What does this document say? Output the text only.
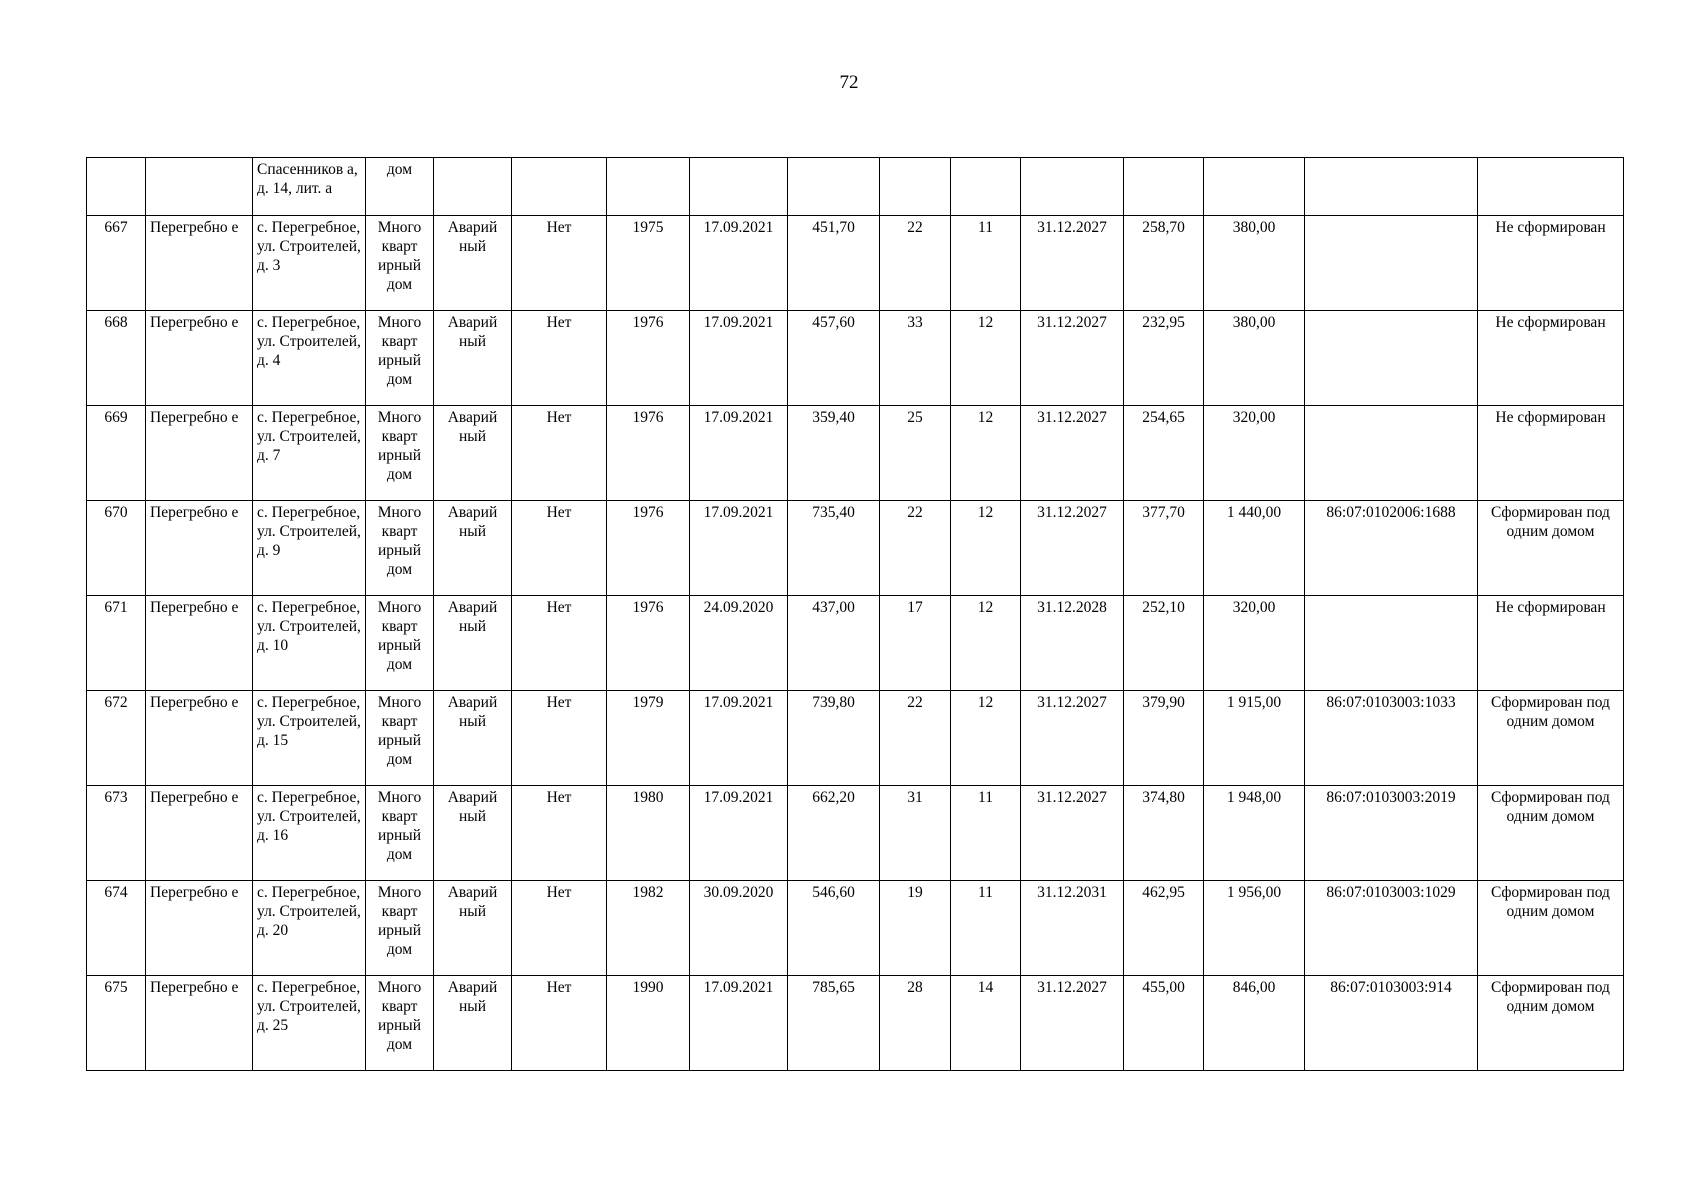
72
		Спасенников а, д. 14, лит. а	дом												
667	Перегребно е	с. Перегребное, ул. Строителей, д. 3	Много кварт ирный дом	Аварий ный	Нет	1975	17.09.2021	451,70	22	11	31.12.2027	258,70	380,00		Не сформирован
668	Перегребно е	с. Перегребное, ул. Строителей, д. 4	Много кварт ирный дом	Аварий ный	Нет	1976	17.09.2021	457,60	33	12	31.12.2027	232,95	380,00		Не сформирован
669	Перегребно е	с. Перегребное, ул. Строителей, д. 7	Много кварт ирный дом	Аварий ный	Нет	1976	17.09.2021	359,40	25	12	31.12.2027	254,65	320,00		Не сформирован
670	Перегребно е	с. Перегребное, ул. Строителей, д. 9	Много кварт ирный дом	Аварий ный	Нет	1976	17.09.2021	735,40	22	12	31.12.2027	377,70	1 440,00	86:07:0102006:1688	Сформирован под одним домом
671	Перегребно е	с. Перегребное, ул. Строителей, д. 10	Много кварт ирный дом	Аварий ный	Нет	1976	24.09.2020	437,00	17	12	31.12.2028	252,10	320,00		Не сформирован
672	Перегребно е	с. Перегребное, ул. Строителей, д. 15	Много кварт ирный дом	Аварий ный	Нет	1979	17.09.2021	739,80	22	12	31.12.2027	379,90	1 915,00	86:07:0103003:1033	Сформирован под одним домом
673	Перегребно е	с. Перегребное, ул. Строителей, д. 16	Много кварт ирный дом	Аварий ный	Нет	1980	17.09.2021	662,20	31	11	31.12.2027	374,80	1 948,00	86:07:0103003:2019	Сформирован под одним домом
674	Перегребно е	с. Перегребное, ул. Строителей, д. 20	Много кварт ирный дом	Аварий ный	Нет	1982	30.09.2020	546,60	19	11	31.12.2031	462,95	1 956,00	86:07:0103003:1029	Сформирован под одним домом
675	Перегребно е	с. Перегребное, ул. Строителей, д. 25	Много кварт ирный дом	Аварий ный	Нет	1990	17.09.2021	785,65	28	14	31.12.2027	455,00	846,00	86:07:0103003:914	Сформирован под одним домом
